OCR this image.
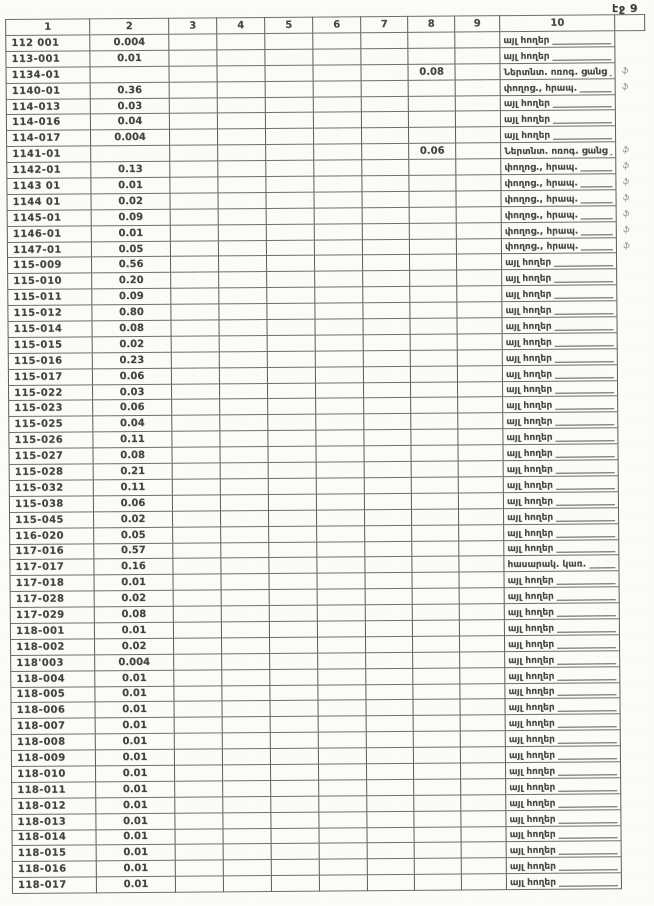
էջ 9
1	2	3	4	5	6	7	8	9	10	
112 001	0.004								այլ հողեր	

113-001	0.01								այլ հողեր	

1134-01							0.08		Ներտնտ. ոռոգ. ցանց	ֆ
1140-01	0.36								փողոց., հրապ.	ֆ
114-013	0.03								այլ հողեր	

114-016	0.04								այլ հողեր	

114-017	0.004								այլ հողեր	

1141-01							0.06		Ներտնտ. ոռոգ. ցանց	ֆ
1142-01	0.13								փողոց., հրապ.	ֆ
1143 01	0.01								փողոց., հրապ.	ֆ
1144 01	0.02								փողոց., հրապ.	ֆ
1145-01	0.09								փողոց., հրապ.	ֆ
1146-01	0.01								փողոց., հրապ.	ֆ
1147-01	0.05								փողոց., հրապ.	ֆ
115-009	0.56								այլ հողեր	

115-010	0.20								այլ հողեր	

115-011	0.09								այլ հողեր	

115-012	0.80								այլ հողեր	

115-014	0.08								այլ հողեր	

115-015	0.02								այլ հողեր	

115-016	0.23								այլ հողեր	

115-017	0.06								այլ հողեր	

115-022	0.03								այլ հողեր	

115-023	0.06								այլ հողեր	

115-025	0.04								այլ հողեր	

115-026	0.11								այլ հողեր	

115-027	0.08								այլ հողեր	

115-028	0.21								այլ հողեր	

115-032	0.11								այլ հողեր	

115-038	0.06								այլ հողեր	

115-045	0.02								այլ հողեր	

116-020	0.05								այլ հողեր	

117-016	0.57								այլ հողեր	

117-017	0.16								հասարակ. կառ.	

117-018	0.01								այլ հողեր	

117-028	0.02								այլ հողեր	

117-029	0.08								այլ հողեր	

118-001	0.01								այլ հողեր	

118-002	0.02								այլ հողեր	

118'003	0.004								այլ հողեր	

118-004	0.01								այլ հողեր	

118-005	0.01								այլ հողեր	

118-006	0.01								այլ հողեր	

118-007	0.01								այլ հողեր	

118-008	0.01								այլ հողեր	

118-009	0.01								այլ հողեր	

118-010	0.01								այլ հողեր	

118-011	0.01								այլ հողեր	

118-012	0.01								այլ հողեր	

118-013	0.01								այլ հողեր	

118-014	0.01								այլ հողեր	

118-015	0.01								այլ հողեր	

118-016	0.01								այլ հողեր	

118-017	0.01								այլ հողեր	
